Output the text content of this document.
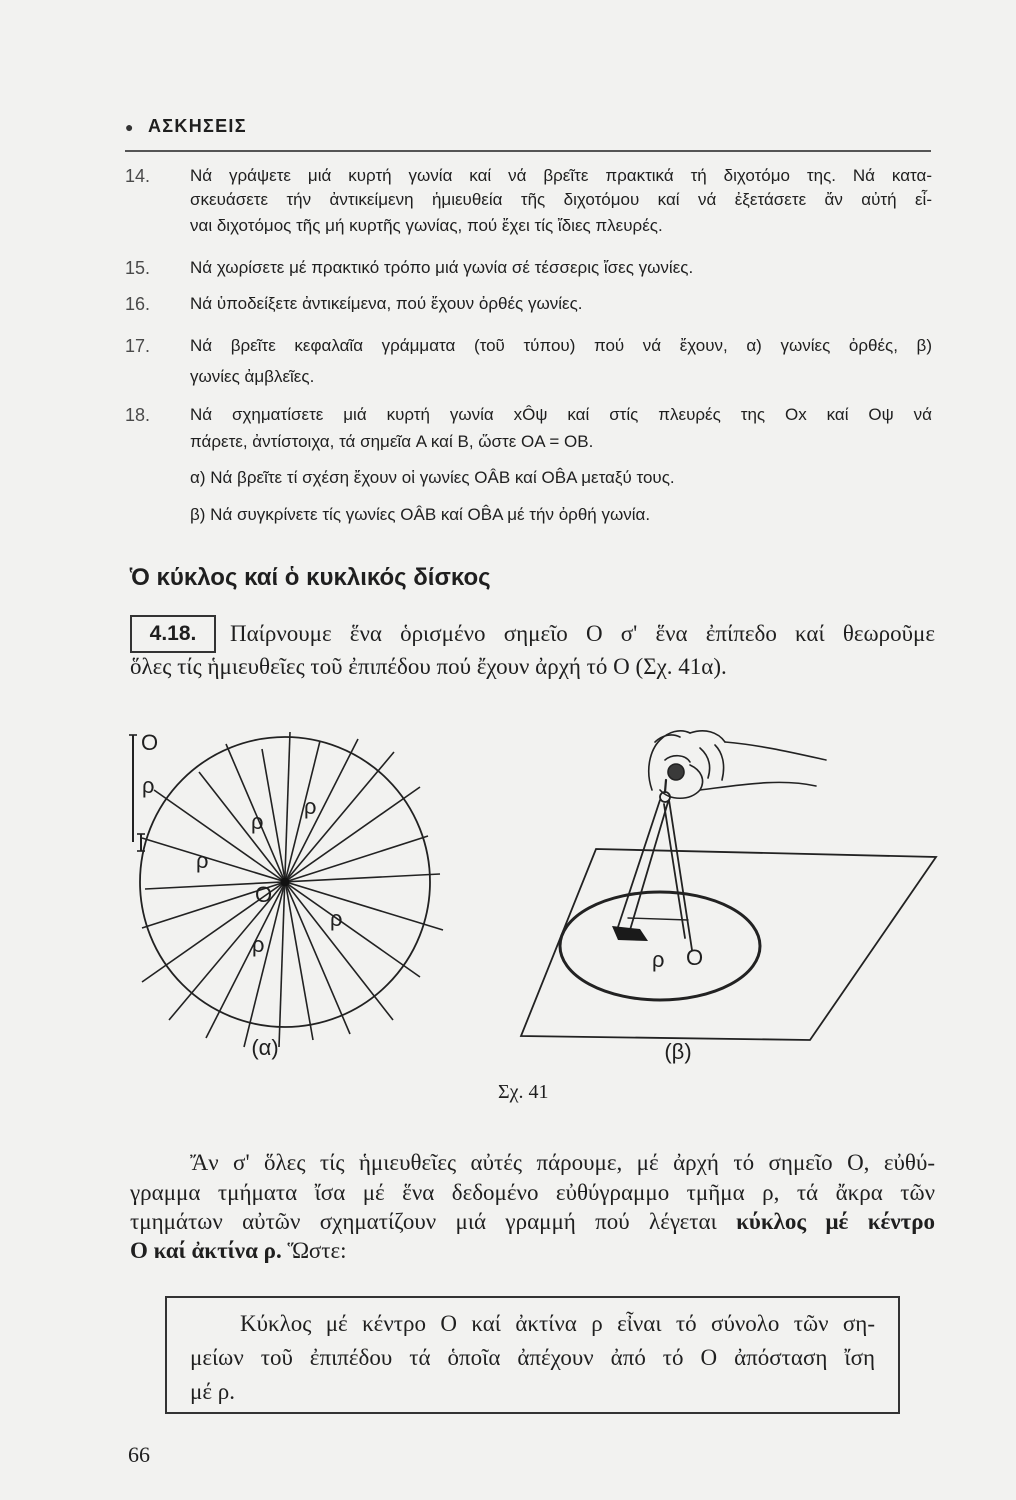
● ΑΣΚΗΣΕΙΣ
14. Νά γράψετε μιά κυρτή γωνία καί νά βρεῖτε πρακτικά τή διχοτόμο της. Νά κατα-
σκευάσετε τήν ἀντικείμενη ἡμιευθεία τῆς διχοτόμου καί νά ἐξετάσετε ἄν αὐτή εἶ-
ναι διχοτόμος τῆς μή κυρτῆς γωνίας, πού ἔχει τίς ἴδιες πλευρές.
15. Νά χωρίσετε μέ πρακτικό τρόπο μιά γωνία σέ τέσσερις ἴσες γωνίες.
16. Νά ὑποδείξετε ἀντικείμενα, πού ἔχουν ὀρθές γωνίες.
17. Νά βρεῖτε κεφαλαῖα γράμματα (τοῦ τύπου) πού νά ἔχουν, α) γωνίες ὀρθές, β)
γωνίες ἀμβλεῖες.
18. Νά σχηματίσετε μιά κυρτή γωνία xÔψ καί στίς πλευρές της Ox καί Oψ νά
πάρετε, ἀντίστοιχα, τά σημεῖα A καί B, ὥστε OA = OB.
α) Νά βρεῖτε τί σχέση ἔχουν οἱ γωνίες OÂB καί OB̂A μεταξύ τους.
β) Νά συγκρίνετε τίς γωνίες OÂB καί OB̂A μέ τήν ὀρθή γωνία.
Ὁ κύκλος καί ὁ κυκλικός δίσκος
4.18.	Παίρνουμε ἕνα ὁρισμένο σημεῖο O σ' ἕνα ἐπίπεδο καί θεωροῦμε
ὅλες τίς ἡμιευθεῖες τοῦ ἐπιπέδου πού ἔχουν ἀρχή τό O (Σχ. 41α).
O
ρ
ρ
ρ
ρ
ρ
ρ
O
(α)
ρ O
(β)
Σχ. 41
Ἄν σ' ὅλες τίς ἡμιευθεῖες αὐτές πάρουμε, μέ ἀρχή τό σημεῖο O, εὐθύ-
γραμμα τμήματα ἴσα μέ ἕνα δεδομένο εὐθύγραμμο τμῆμα ρ, τά ἄκρα τῶν
τμημάτων αὐτῶν σχηματίζουν μιά γραμμή πού λέγεται κύκλος μέ κέντρο
O καί ἀκτίνα ρ. Ὥστε:
Κύκλος μέ κέντρο O καί ἀκτίνα ρ εἶναι τό σύνολο τῶν ση-
μείων τοῦ ἐπιπέδου τά ὁποῖα ἀπέχουν ἀπό τό O ἀπόσταση ἴση
μέ ρ.
66
